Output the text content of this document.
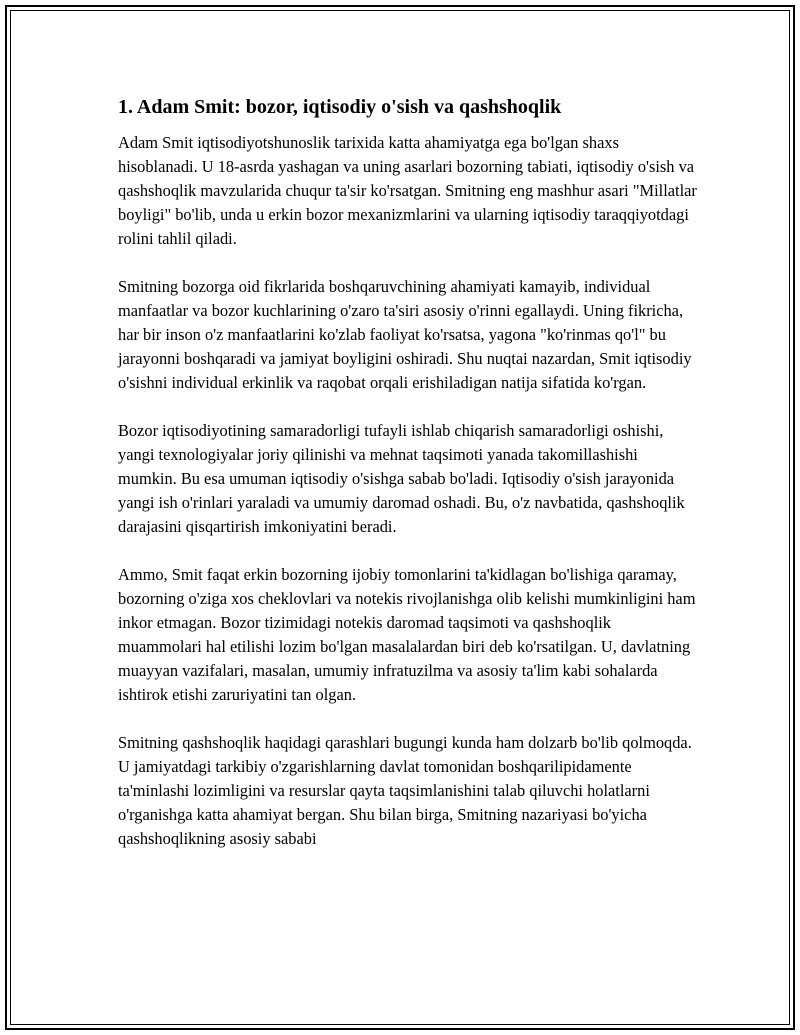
1. Adam Smit: bozor, iqtisodiy o'sish va qashshoqlik

Adam Smit iqtisodiyotshunoslik tarixida katta ahamiyatga ega bo'lgan shaxs hisoblanadi. U 18-asrda yashagan va uning asarlari bozorning tabiati, iqtisodiy o'sish va qashshoqlik mavzularida chuqur ta'sir ko'rsatgan. Smitning eng mashhur asari "Millatlar boyligi" bo'lib, unda u erkin bozor mexanizmlarini va ularning iqtisodiy taraqqiyotdagi rolini tahlil qiladi.

Smitning bozorga oid fikrlarida boshqaruvchining ahamiyati kamayib, individual manfaatlar va bozor kuchlarining o'zaro ta'siri asosiy o'rinni egallaydi. Uning fikricha, har bir inson o'z manfaatlarini ko'zlab faoliyat ko'rsatsa, yagona "ko'rinmas qo'l" bu jarayonni boshqaradi va jamiyat boyligini oshiradi. Shu nuqtai nazardan, Smit iqtisodiy o'sishni individual erkinlik va raqobat orqali erishiladigan natija sifatida ko'rgan.

Bozor iqtisodiyotining samaradorligi tufayli ishlab chiqarish samaradorligi oshishi, yangi texnologiyalar joriy qilinishi va mehnat taqsimoti yanada takomillashishi mumkin. Bu esa umuman iqtisodiy o'sishga sabab bo'ladi. Iqtisodiy o'sish jarayonida yangi ish o'rinlari yaraladi va umumiy daromad oshadi. Bu, o'z navbatida, qashshoqlik darajasini qisqartirish imkoniyatini beradi.

Ammo, Smit faqat erkin bozorning ijobiy tomonlarini ta'kidlagan bo'lishiga qaramay, bozorning o'ziga xos cheklovlari va notekis rivojlanishga olib kelishi mumkinligini ham inkor etmagan. Bozor tizimidagi notekis daromad taqsimoti va qashshoqlik muammolari hal etilishi lozim bo'lgan masalalardan biri deb ko'rsatilgan. U, davlatning muayyan vazifalari, masalan, umumiy infratuzilma va asosiy ta'lim kabi sohalarda ishtirok etishi zaruriyatini tan olgan.

Smitning qashshoqlik haqidagi qarashlari bugungi kunda ham dolzarb bo'lib qolmoqda. U jamiyatdagi tarkibiy o'zgarishlarning davlat tomonidan boshqarilipidamente ta'minlashi lozimligini va resurslar qayta taqsimlanishini talab qiluvchi holatlarni o'rganishga katta ahamiyat bergan. Shu bilan birga, Smitning nazariyasi bo'yicha qashshoqlikning asosiy sababi
